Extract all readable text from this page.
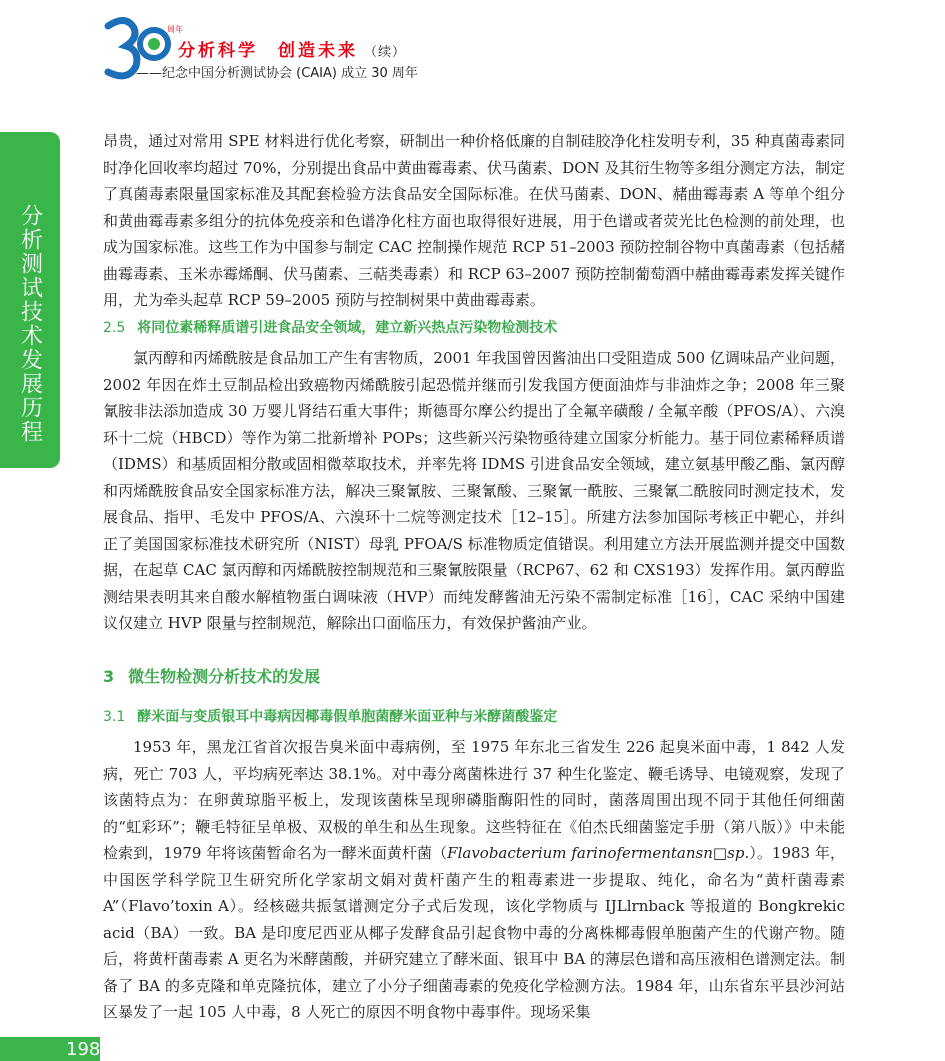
周年
分析科学　创造未来 （续）
——纪念中国分析测试协会 (CAIA) 成立 30 周年
分析测试技术发展历程

昂贵，通过对常用 SPE 材料进行优化考察，研制出一种价格低廉的自制硅胶净化柱发明专利，35 种真菌毒素同时净化回收率均超过 70%，分别提出食品中黄曲霉毒素、伏马菌素、DON 及其衍生物等多组分测定方法，制定了真菌毒素限量国家标准及其配套检验方法食品安全国际标准。在伏马菌素、DON、赭曲霉毒素 A 等单个组分和黄曲霉毒素多组分的抗体免疫亲和色谱净化柱方面也取得很好进展，用于色谱或者荧光比色检测的前处理，也成为国家标准。这些工作为中国参与制定 CAC 控制操作规范 RCP 51–2003 预防控制谷物中真菌毒素（包括赭曲霉毒素、玉米赤霉烯酮、伏马菌素、三萜类毒素）和 RCP 63–2007 预防控制葡萄酒中赭曲霉毒素发挥关键作用，尤为牵头起草 RCP 59–2005 预防与控制树果中黄曲霉毒素。

2.5 将同位素稀释质谱引进食品安全领域，建立新兴热点污染物检测技术

氯丙醇和丙烯酰胺是食品加工产生有害物质，2001 年我国曾因酱油出口受阻造成 500 亿调味品产业问题，2002 年因在炸土豆制品检出致癌物丙烯酰胺引起恐慌并继而引发我国方便面油炸与非油炸之争；2008 年三聚氰胺非法添加造成 30 万婴儿肾结石重大事件；斯德哥尔摩公约提出了全氟辛磺酸 / 全氟辛酸（PFOS/A）、六溴环十二烷（HBCD）等作为第二批新增补 POPs；这些新兴污染物亟待建立国家分析能力。基于同位素稀释质谱（IDMS）和基质固相分散或固相微萃取技术，并率先将 IDMS 引进食品安全领域，建立氨基甲酸乙酯、氯丙醇和丙烯酰胺食品安全国家标准方法，解决三聚氰胺、三聚氰酸、三聚氰一酰胺、三聚氰二酰胺同时测定技术，发展食品、指甲、毛发中 PFOS/A、六溴环十二烷等测定技术［12–15］。所建方法参加国际考核正中靶心，并纠正了美国国家标准技术研究所（NIST）母乳 PFOA/S 标准物质定值错误。利用建立方法开展监测并提交中国数据，在起草 CAC 氯丙醇和丙烯酰胺控制规范和三聚氰胺限量（RCP67、62 和 CXS193）发挥作用。氯丙醇监测结果表明其来自酸水解植物蛋白调味液（HVP）而纯发酵酱油无污染不需制定标准［16］，CAC 采纳中国建议仅建立 HVP 限量与控制规范，解除出口面临压力，有效保护酱油产业。

3 微生物检测分析技术的发展
3.1 酵米面与变质银耳中毒病因椰毒假单胞菌酵米面亚种与米酵菌酸鉴定

1953 年，黑龙江省首次报告臭米面中毒病例，至 1975 年东北三省发生 226 起臭米面中毒，1 842 人发病，死亡 703 人，平均病死率达 38.1%。对中毒分离菌株进行 37 种生化鉴定、鞭毛诱导、电镜观察，发现了该菌特点为：在卵黄琼脂平板上，发现该菌株呈现卵磷脂酶阳性的同时，菌落周围出现不同于其他任何细菌的“虹彩环”；鞭毛特征呈单极、双极的单生和丛生现象。这些特征在《伯杰氏细菌鉴定手册（第八版）》中未能检索到，1979 年将该菌暂命名为一酵米面黄杆菌（Flavobacterium farinofermentansn□sp.）。1983 年，中国医学科学院卫生研究所化学家胡文娟对黄杆菌产生的粗毒素进一步提取、纯化，命名为“黄杆菌毒素 A”（Flavo’toxin A）。经核磁共振氢谱测定分子式后发现，该化学物质与 IJLlrnback 等报道的 Bongkrekic acid（BA）一致。BA 是印度尼西亚从椰子发酵食品引起食物中毒的分离株椰毒假单胞菌产生的代谢产物。随后，将黄杆菌毒素 A 更名为米酵菌酸，并研究建立了酵米面、银耳中 BA 的薄层色谱和高压液相色谱测定法。制备了 BA 的多克隆和单克隆抗体，建立了小分子细菌毒素的免疫化学检测方法。1984 年，山东省东平县沙河站区暴发了一起 105 人中毒，8 人死亡的原因不明食物中毒事件。现场采集

198
